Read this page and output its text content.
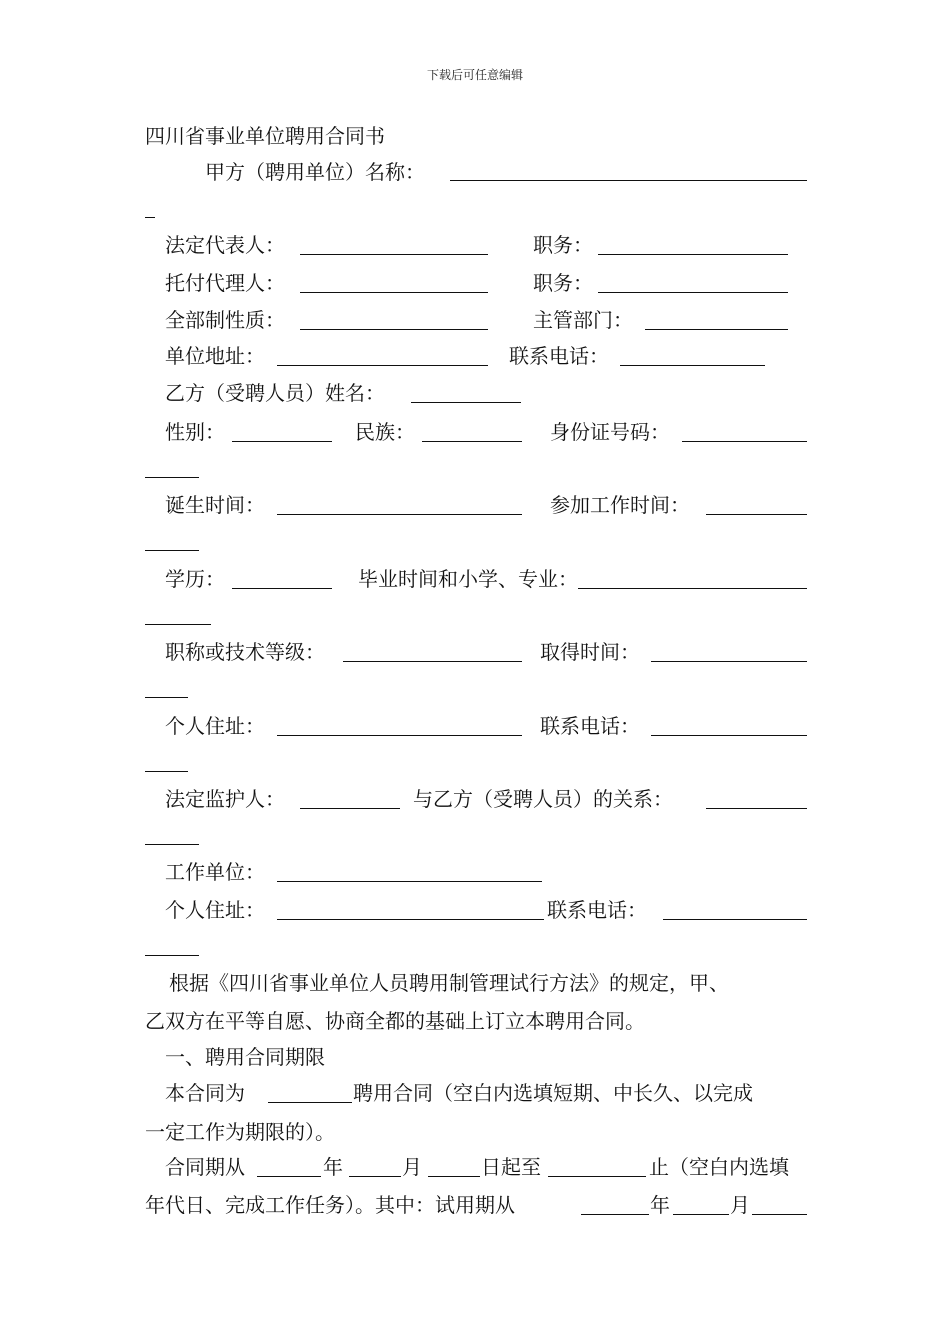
下载后可任意编辑
四川省事业单位聘用合同书
甲方（聘用单位）名称：
法定代表人：	职务：
托付代理人：	职务：
全部制性质：	主管部门：
单位地址：	联系电话：
乙方（受聘人员）姓名：
性别：	民族：	身份证号码：
诞生时间：	参加工作时间：
学历：	毕业时间和小学、专业：
职称或技术等级：	取得时间：
个人住址：	联系电话：
法定监护人：	与乙方（受聘人员）的关系：
工作单位：
个人住址：	联系电话：
根据《四川省事业单位人员聘用制管理试行方法》的规定，甲、
乙双方在平等自愿、协商全都的基础上订立本聘用合同。
一、聘用合同期限
本合同为	聘用合同（空白内选填短期、中长久、以完成
一定工作为期限的）。
合同期从	年	月	日起至	止（空白内选填
年代日、完成工作任务）。其中：试用期从	年	月
